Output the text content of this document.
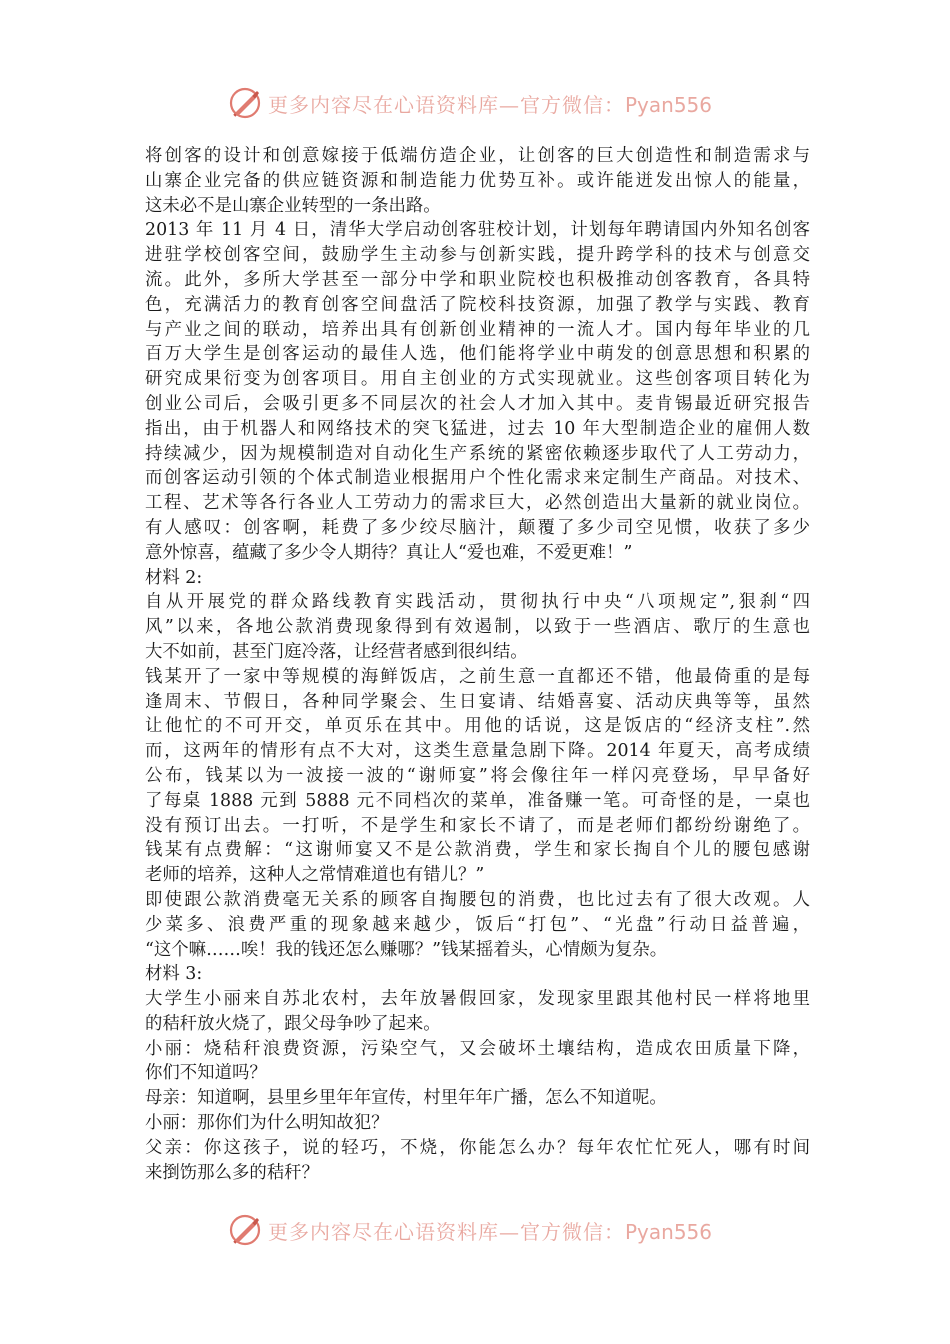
更多内容尽在心语资料库—官方微信：Pyan556
将创客的设计和创意嫁接于低端仿造企业，让创客的巨大创造性和制造需求与
山寨企业完备的供应链资源和制造能力优势互补。或许能迸发出惊人的能量，
这未必不是山寨企业转型的一条出路。
2013 年 11 月 4 日，清华大学启动创客驻校计划，计划每年聘请国内外知名创客
进驻学校创客空间，鼓励学生主动参与创新实践，提升跨学科的技术与创意交
流。此外，多所大学甚至一部分中学和职业院校也积极推动创客教育，各具特
色，充满活力的教育创客空间盘活了院校科技资源，加强了教学与实践、教育
与产业之间的联动，培养出具有创新创业精神的一流人才。国内每年毕业的几
百万大学生是创客运动的最佳人选，他们能将学业中萌发的创意思想和积累的
研究成果衍变为创客项目。用自主创业的方式实现就业。这些创客项目转化为
创业公司后，会吸引更多不同层次的社会人才加入其中。麦肯锡最近研究报告
指出，由于机器人和网络技术的突飞猛进，过去 10 年大型制造企业的雇佣人数
持续减少，因为规模制造对自动化生产系统的紧密依赖逐步取代了人工劳动力，
而创客运动引领的个体式制造业根据用户个性化需求来定制生产商品。对技术、
工程、艺术等各行各业人工劳动力的需求巨大，必然创造出大量新的就业岗位。
有人感叹：创客啊，耗费了多少绞尽脑汁，颠覆了多少司空见惯，收获了多少
意外惊喜，蕴藏了多少令人期待？真让人“爱也难，不爱更难！”
材料 2:
自从开展党的群众路线教育实践活动，贯彻执行中央“八项规定”,狠刹“四
风”以来，各地公款消费现象得到有效遏制，以致于一些酒店、歌厅的生意也
大不如前，甚至门庭冷落，让经营者感到很纠结。
钱某开了一家中等规模的海鲜饭店，之前生意一直都还不错，他最倚重的是每
逢周末、节假日，各种同学聚会、生日宴请、结婚喜宴、活动庆典等等，虽然
让他忙的不可开交，单页乐在其中。用他的话说，这是饭店的“经济支柱”.然
而，这两年的情形有点不大对，这类生意量急剧下降。2014 年夏天，高考成绩
公布，钱某以为一波接一波的“谢师宴”将会像往年一样闪亮登场，早早备好
了每桌 1888 元到 5888 元不同档次的菜单，准备赚一笔。可奇怪的是，一桌也
没有预订出去。一打听，不是学生和家长不请了，而是老师们都纷纷谢绝了。
钱某有点费解：“这谢师宴又不是公款消费，学生和家长掏自个儿的腰包感谢
老师的培养，这种人之常情难道也有错儿？”
即使跟公款消费毫无关系的顾客自掏腰包的消费，也比过去有了很大改观。人
少菜多、浪费严重的现象越来越少，饭后“打包”、“光盘”行动日益普遍，
“这个嘛……唉！我的钱还怎么赚哪？”钱某摇着头，心情颇为复杂。
材料 3:
大学生小丽来自苏北农村，去年放暑假回家，发现家里跟其他村民一样将地里
的秸秆放火烧了，跟父母争吵了起来。
小丽：烧秸秆浪费资源，污染空气，又会破坏土壤结构，造成农田质量下降，
你们不知道吗？
母亲：知道啊，县里乡里年年宣传，村里年年广播，怎么不知道呢。
小丽：那你们为什么明知故犯？
父亲：你这孩子，说的轻巧，不烧，你能怎么办？每年农忙忙死人，哪有时间
来捯饬那么多的秸秆？
更多内容尽在心语资料库—官方微信：Pyan556
